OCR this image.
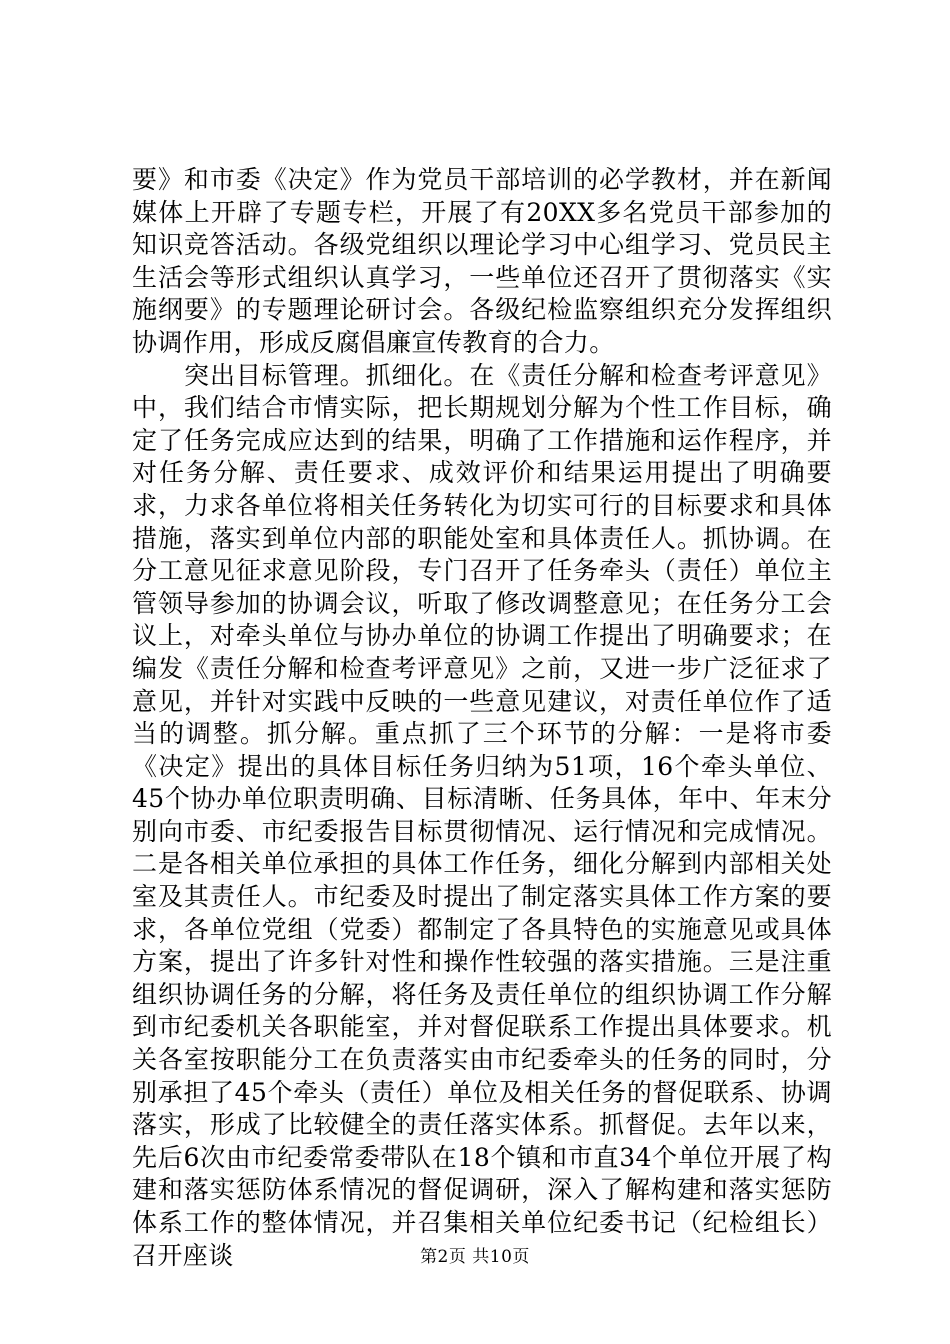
要》和市委《决定》作为党员干部培训的必学教材，并在新闻媒体上开辟了专题专栏，开展了有20XX多名党员干部参加的知识竞答活动。各级党组织以理论学习中心组学习、党员民主生活会等形式组织认真学习，一些单位还召开了贯彻落实《实施纲要》的专题理论研讨会。各级纪检监察组织充分发挥组织协调作用，形成反腐倡廉宣传教育的合力。

突出目标管理。抓细化。在《责任分解和检查考评意见》中，我们结合市情实际，把长期规划分解为个性工作目标，确定了任务完成应达到的结果，明确了工作措施和运作程序，并对任务分解、责任要求、成效评价和结果运用提出了明确要求，力求各单位将相关任务转化为切实可行的目标要求和具体措施，落实到单位内部的职能处室和具体责任人。抓协调。在分工意见征求意见阶段，专门召开了任务牵头（责任）单位主管领导参加的协调会议，听取了修改调整意见；在任务分工会议上，对牵头单位与协办单位的协调工作提出了明确要求；在编发《责任分解和检查考评意见》之前，又进一步广泛征求了意见，并针对实践中反映的一些意见建议，对责任单位作了适当的调整。抓分解。重点抓了三个环节的分解：一是将市委《决定》提出的具体目标任务归纳为51项，16个牵头单位、45个协办单位职责明确、目标清晰、任务具体，年中、年末分别向市委、市纪委报告目标贯彻情况、运行情况和完成情况。二是各相关单位承担的具体工作任务，细化分解到内部相关处室及其责任人。市纪委及时提出了制定落实具体工作方案的要求，各单位党组（党委）都制定了各具特色的实施意见或具体方案，提出了许多针对性和操作性较强的落实措施。三是注重组织协调任务的分解，将任务及责任单位的组织协调工作分解到市纪委机关各职能室，并对督促联系工作提出具体要求。机关各室按职能分工在负责落实由市纪委牵头的任务的同时，分别承担了45个牵头（责任）单位及相关任务的督促联系、协调落实，形成了比较健全的责任落实体系。抓督促。去年以来，先后6次由市纪委常委带队在18个镇和市直34个单位开展了构建和落实惩防体系情况的督促调研，深入了解构建和落实惩防体系工作的整体情况，并召集相关单位纪委书记（纪检组长）召开座谈	第2页 共10页
